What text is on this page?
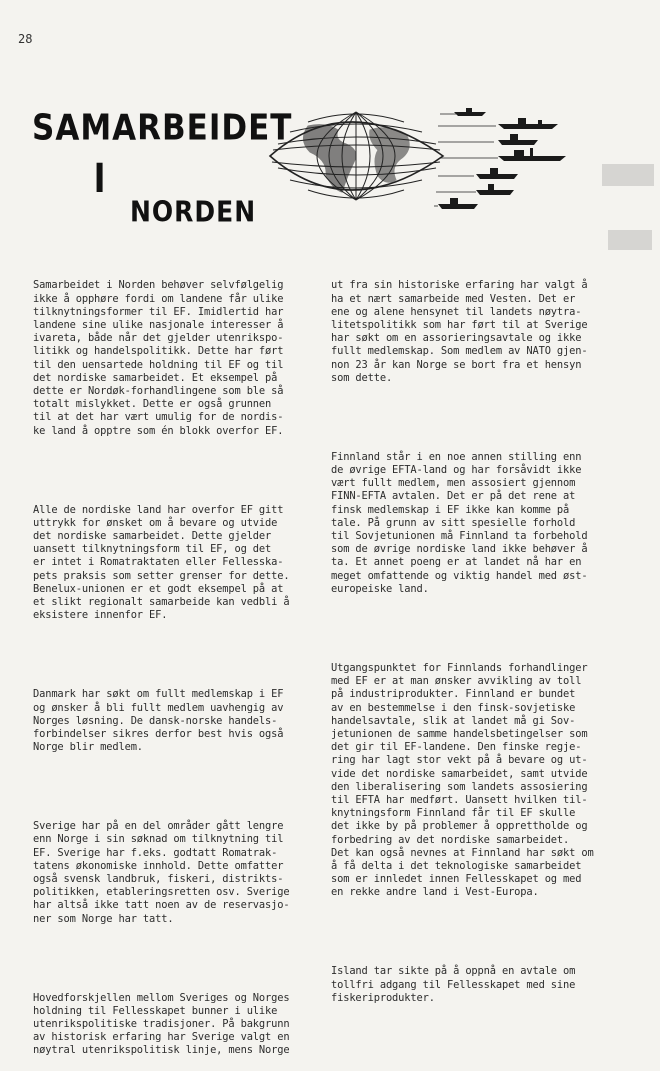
28
SAMARBEIDET
I
NORDEN

Samarbeidet i Norden behøver selvfølgelig
ikke å opphøre fordi om landene får ulike
tilknytningsformer til EF. Imidlertid har
landene sine ulike nasjonale interesser å
ivareta, både når det gjelder utenrikspo-
litikk og handelspolitikk. Dette har ført
til den uensartede holdning til EF og til
det nordiske samarbeidet. Et eksempel på
dette er Nordøk-forhandlingene som ble så
totalt mislykket. Dette er også grunnen
til at det har vært umulig for de nordis-
ke land å opptre som én blokk overfor EF.

Alle de nordiske land har overfor EF gitt
uttrykk for ønsket om å bevare og utvide
det nordiske samarbeidet. Dette gjelder
uansett tilknytningsform til EF, og det
er intet i Romatraktaten eller Fellesska-
pets praksis som setter grenser for dette.
Benelux-unionen er et godt eksempel på at
et slikt regionalt samarbeide kan vedbli å
eksistere innenfor EF.

Danmark har søkt om fullt medlemskap i EF
og ønsker å bli fullt medlem uavhengig av
Norges løsning. De dansk-norske handels-
forbindelser sikres derfor best hvis også
Norge blir medlem.

Sverige har på en del områder gått lengre
enn Norge i sin søknad om tilknytning til
EF. Sverige har f.eks. godtatt Romatrak-
tatens økonomiske innhold. Dette omfatter
også svensk landbruk, fiskeri, distrikts-
politikken, etableringsretten osv. Sverige
har altså ikke tatt noen av de reservasjo-
ner som Norge har tatt.

Hovedforskjellen mellom Sveriges og Norges
holdning til Fellesskapet bunner i ulike
utenrikspolitiske tradisjoner. På bakgrunn
av historisk erfaring har Sverige valgt en
nøytral utenrikspolitisk linje, mens Norge

ut fra sin historiske erfaring har valgt å
ha et nært samarbeide med Vesten. Det er
ene og alene hensynet til landets nøytra-
litetspolitikk som har ført til at Sverige
har søkt om en assorieringsavtale og ikke
fullt medlemskap. Som medlem av NATO gjen-
non 23 år kan Norge se bort fra et hensyn
som dette.

Finnland står i en noe annen stilling enn
de øvrige EFTA-land og har forsåvidt ikke
vært fullt medlem, men assosiert gjennom
FINN-EFTA avtalen. Det er på det rene at
finsk medlemskap i EF ikke kan komme på
tale. På grunn av sitt spesielle forhold
til Sovjetunionen må Finnland ta forbehold
som de øvrige nordiske land ikke behøver å
ta. Et annet poeng er at landet nå har en
meget omfattende og viktig handel med øst-
europeiske land.

Utgangspunktet for Finnlands forhandlinger
med EF er at man ønsker avvikling av toll
på industriprodukter. Finnland er bundet
av en bestemmelse i den finsk-sovjetiske
handelsavtale, slik at landet må gi Sov-
jetunionen de samme handelsbetingelser som
det gir til EF-landene. Den finske regje-
ring har lagt stor vekt på å bevare og ut-
vide det nordiske samarbeidet, samt utvide
den liberalisering som landets assosiering
til EFTA har medført. Uansett hvilken til-
knytningsform Finnland får til EF skulle
det ikke by på problemer å opprettholde og
forbedring av det nordiske samarbeidet.
Det kan også nevnes at Finnland har søkt om
å få delta i det teknologiske samarbeidet
som er innledet innen Fellesskapet og med
en rekke andre land i Vest-Europa.

Island tar sikte på å oppnå en avtale om
tollfri adgang til Fellesskapet med sine
fiskeriprodukter.
